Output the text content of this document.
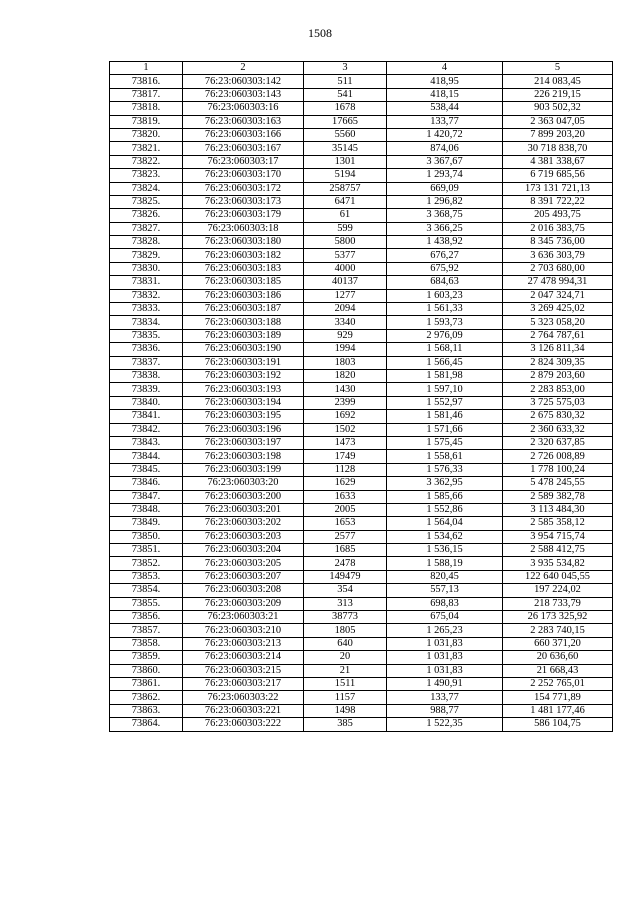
1508
1	2	3	4	5
73816.	76:23:060303:142	511	418,95	214 083,45
73817.	76:23:060303:143	541	418,15	226 219,15
73818.	76:23:060303:16	1678	538,44	903 502,32
73819.	76:23:060303:163	17665	133,77	2 363 047,05
73820.	76:23:060303:166	5560	1 420,72	7 899 203,20
73821.	76:23:060303:167	35145	874,06	30 718 838,70
73822.	76:23:060303:17	1301	3 367,67	4 381 338,67
73823.	76:23:060303:170	5194	1 293,74	6 719 685,56
73824.	76:23:060303:172	258757	669,09	173 131 721,13
73825.	76:23:060303:173	6471	1 296,82	8 391 722,22
73826.	76:23:060303:179	61	3 368,75	205 493,75
73827.	76:23:060303:18	599	3 366,25	2 016 383,75
73828.	76:23:060303:180	5800	1 438,92	8 345 736,00
73829.	76:23:060303:182	5377	676,27	3 636 303,79
73830.	76:23:060303:183	4000	675,92	2 703 680,00
73831.	76:23:060303:185	40137	684,63	27 478 994,31
73832.	76:23:060303:186	1277	1 603,23	2 047 324,71
73833.	76:23:060303:187	2094	1 561,33	3 269 425,02
73834.	76:23:060303:188	3340	1 593,73	5 323 058,20
73835.	76:23:060303:189	929	2 976,09	2 764 787,61
73836.	76:23:060303:190	1994	1 568,11	3 126 811,34
73837.	76:23:060303:191	1803	1 566,45	2 824 309,35
73838.	76:23:060303:192	1820	1 581,98	2 879 203,60
73839.	76:23:060303:193	1430	1 597,10	2 283 853,00
73840.	76:23:060303:194	2399	1 552,97	3 725 575,03
73841.	76:23:060303:195	1692	1 581,46	2 675 830,32
73842.	76:23:060303:196	1502	1 571,66	2 360 633,32
73843.	76:23:060303:197	1473	1 575,45	2 320 637,85
73844.	76:23:060303:198	1749	1 558,61	2 726 008,89
73845.	76:23:060303:199	1128	1 576,33	1 778 100,24
73846.	76:23:060303:20	1629	3 362,95	5 478 245,55
73847.	76:23:060303:200	1633	1 585,66	2 589 382,78
73848.	76:23:060303:201	2005	1 552,86	3 113 484,30
73849.	76:23:060303:202	1653	1 564,04	2 585 358,12
73850.	76:23:060303:203	2577	1 534,62	3 954 715,74
73851.	76:23:060303:204	1685	1 536,15	2 588 412,75
73852.	76:23:060303:205	2478	1 588,19	3 935 534,82
73853.	76:23:060303:207	149479	820,45	122 640 045,55
73854.	76:23:060303:208	354	557,13	197 224,02
73855.	76:23:060303:209	313	698,83	218 733,79
73856.	76:23:060303:21	38773	675,04	26 173 325,92
73857.	76:23:060303:210	1805	1 265,23	2 283 740,15
73858.	76:23:060303:213	640	1 031,83	660 371,20
73859.	76:23:060303:214	20	1 031,83	20 636,60
73860.	76:23:060303:215	21	1 031,83	21 668,43
73861.	76:23:060303:217	1511	1 490,91	2 252 765,01
73862.	76:23:060303:22	1157	133,77	154 771,89
73863.	76:23:060303:221	1498	988,77	1 481 177,46
73864.	76:23:060303:222	385	1 522,35	586 104,75
